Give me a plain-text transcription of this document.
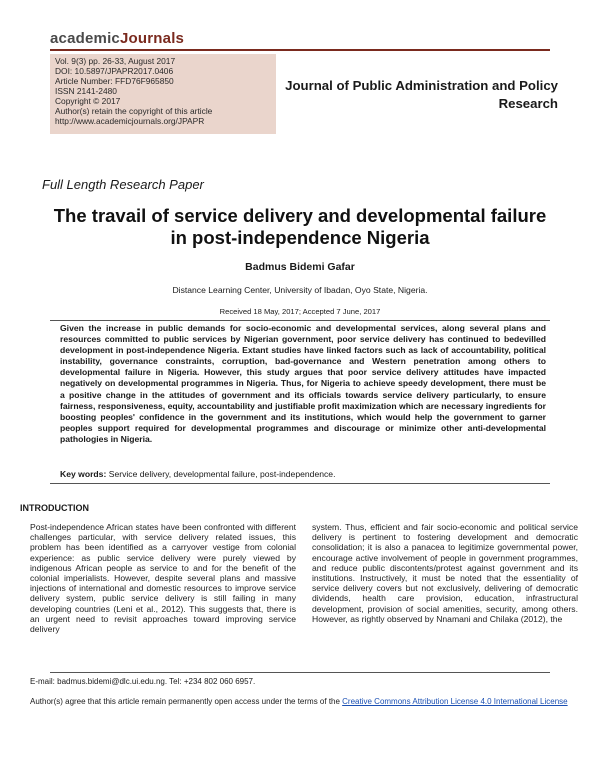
academicJournals
Vol. 9(3) pp. 26-33, August 2017
DOI: 10.5897/JPAPR2017.0406
Article Number: FFD76F965850
ISSN 2141-2480
Copyright © 2017
Author(s) retain the copyright of this article
http://www.academicjournals.org/JPAPR
Journal of Public Administration and Policy
Research
Full Length Research Paper
The travail of service delivery and developmental failure
in post-independence Nigeria
Badmus Bidemi Gafar
Distance Learning Center, University of Ibadan, Oyo State, Nigeria.
Received 18 May, 2017; Accepted 7 June, 2017
Given the increase in public demands for socio-economic and developmental services, along several plans and resources committed to public services by Nigerian government, poor service delivery has continued to bedevilled development in post-independence Nigeria. Extant studies have linked factors such as lack of accountability, political instability, governance constraints, corruption, bad-governance and Western penetration among others to developmental failure in Nigeria. However, this study argues that poor service delivery attitudes have impacted negatively on developmental programmes in Nigeria. Thus, for Nigeria to achieve speedy development, there must be a positive change in the attitudes of government and its officials towards service delivery particularly, to ensure fairness, responsiveness, equity, accountability and justifiable profit maximization which are necessary ingredients for boosting peoples' confidence in the government and its institutions, which would help the government to garner peoples support required for developmental programmes and discourage or minimize other anti-developmental pathologies in Nigeria.
Key words: Service delivery, developmental failure, post-independence.
INTRODUCTION
Post-independence African states have been confronted with different challenges particular, with service delivery related issues, this problem has been identified as a carryover vestige from colonial experience: as public service delivery were purely viewed by indigenous African people as service to and for the benefit of the colonial imperialists. However, despite several plans and massive injections of international and domestic resources to improve service delivery system, public service delivery is still failing in many developing countries (Leni et al., 2012). This suggests that, there is an urgent need to revisit approaches toward improving service delivery
system. Thus, efficient and fair socio-economic and political service delivery is pertinent to fostering development and democratic consolidation; it is also a panacea to legitimize governmental power, encourage active involvement of people in government programmes, and reduce public discontents/protest against government and its institutions. Instructively, it must be noted that the essentiality of service delivery covers but not exclusively, delivering of democratic dividends, health care provision, education, infrastructural development, provision of social amenities, security, among others. However, as rightly observed by Nnamani and Chilaka (2012), the
E-mail: badmus.bidemi@dlc.ui.edu.ng. Tel: +234 802 060 6957.
Author(s) agree that this article remain permanently open access under the terms of the Creative Commons Attribution License 4.0 International License
